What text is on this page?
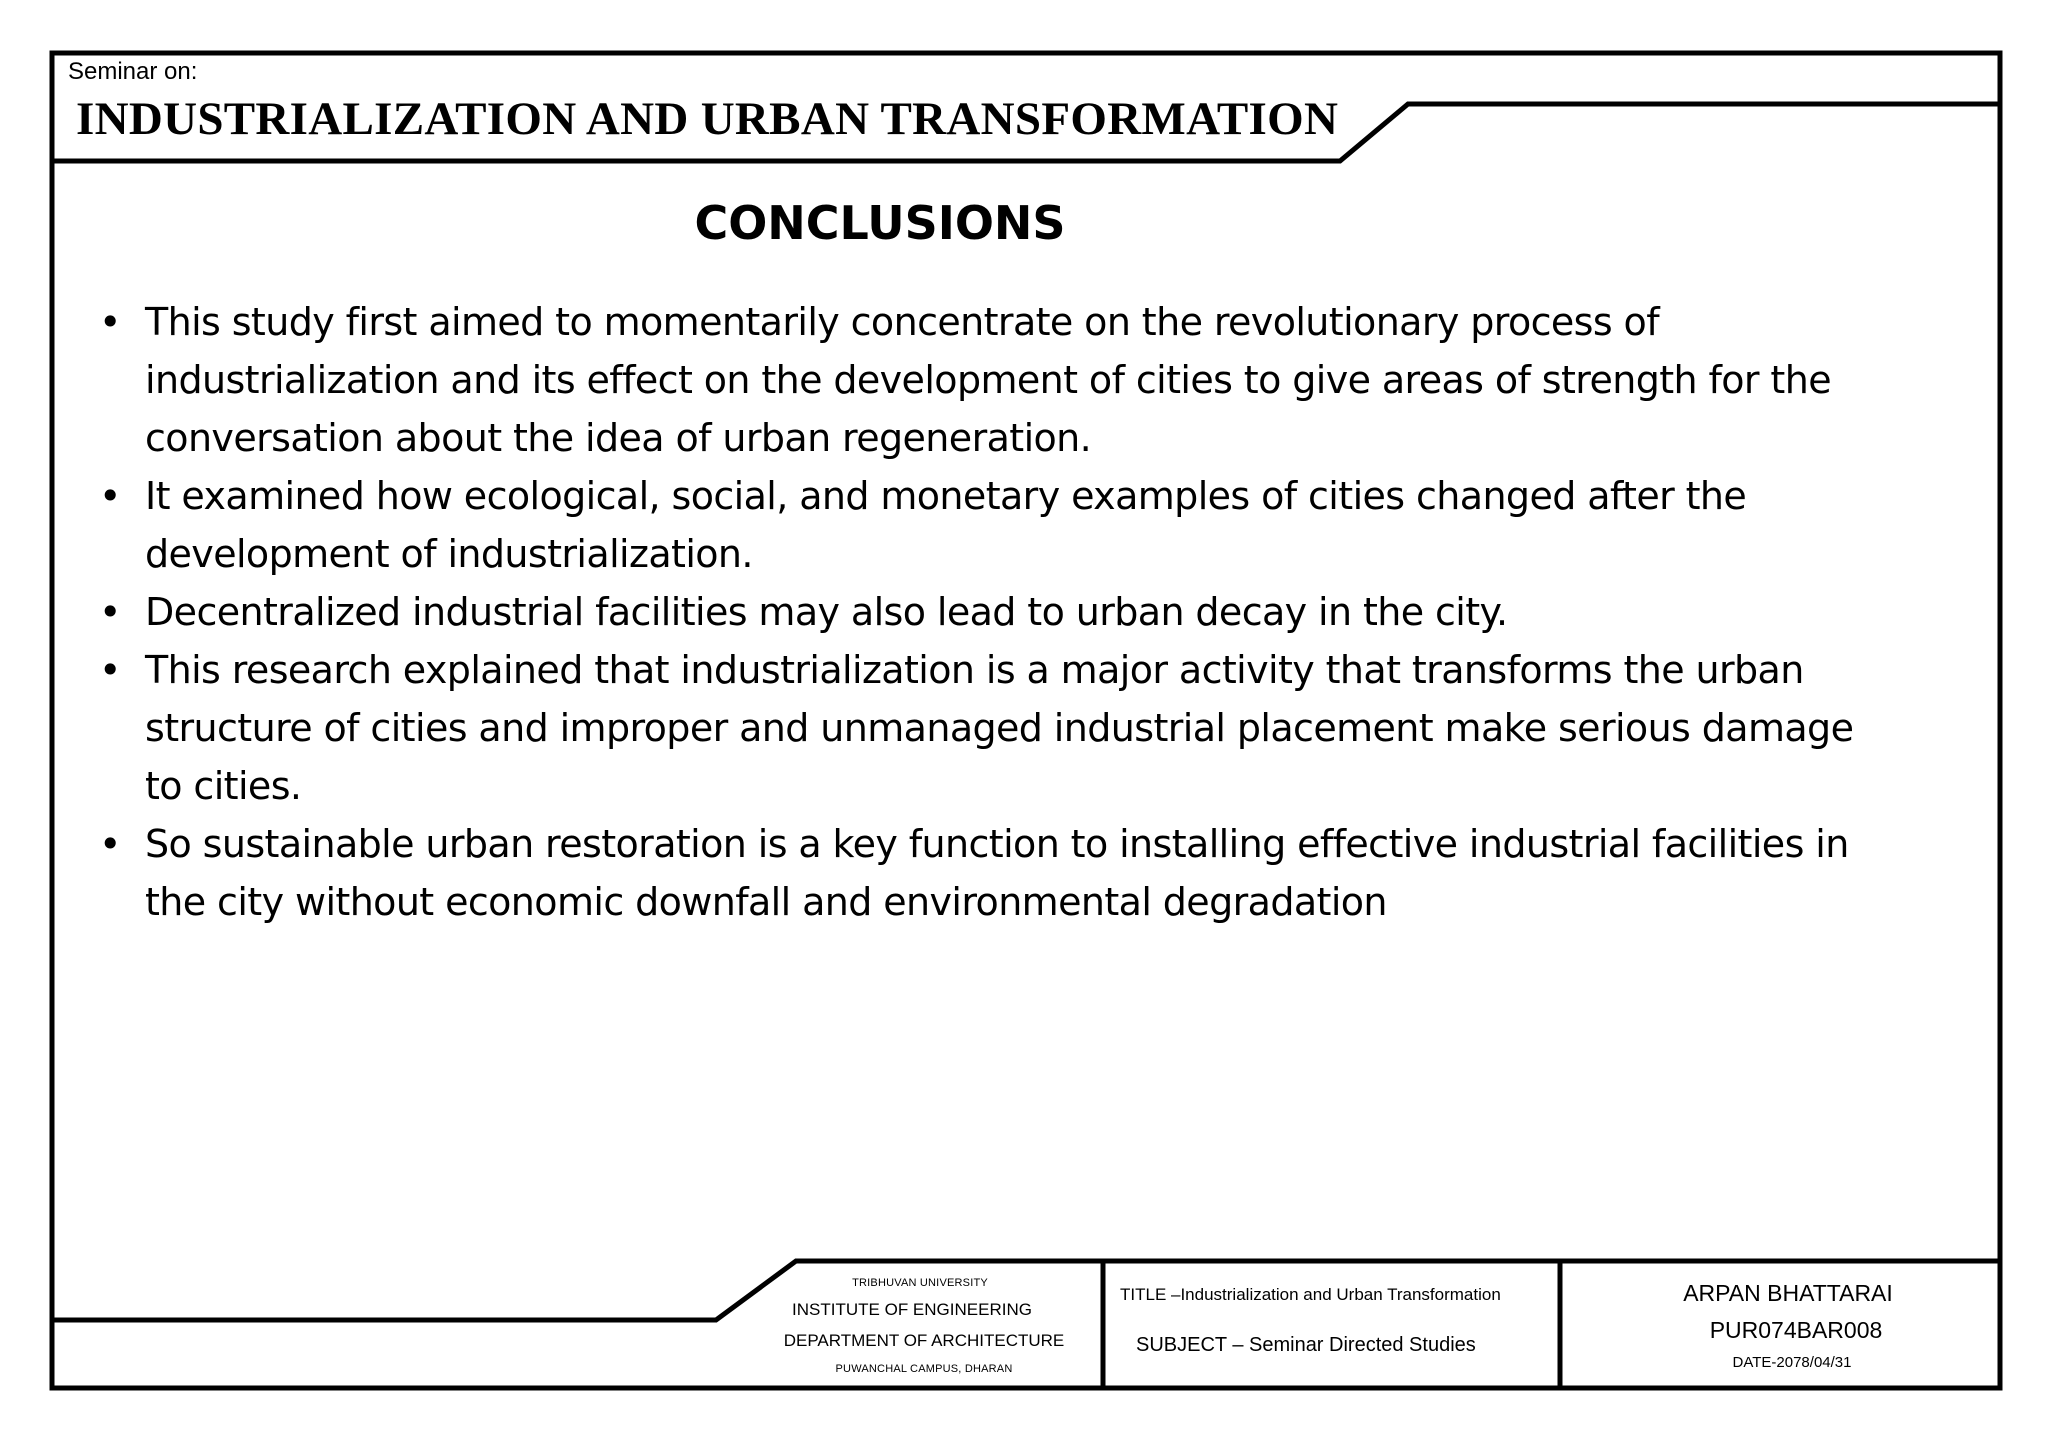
Seminar on:
INDUSTRIALIZATION AND URBAN TRANSFORMATION
CONCLUSIONS
• This study first aimed to momentarily concentrate on the revolutionary process of
industrialization and its effect on the development of cities to give areas of strength for the
conversation about the idea of urban regeneration.
• It examined how ecological, social, and monetary examples of cities changed after the
development of industrialization.
• Decentralized industrial facilities may also lead to urban decay in the city.
• This research explained that industrialization is a major activity that transforms the urban
structure of cities and improper and unmanaged industrial placement make serious damage
to cities.
• So sustainable urban restoration is a key function to installing effective industrial facilities in
the city without economic downfall and environmental degradation
TRIBHUVAN UNIVERSITY
INSTITUTE OF ENGINEERING
DEPARTMENT OF ARCHITECTURE
PUWANCHAL CAMPUS, DHARAN
TITLE –Industrialization and Urban Transformation
SUBJECT – Seminar Directed Studies
ARPAN BHATTARAI
PUR074BAR008
DATE-2078/04/31
